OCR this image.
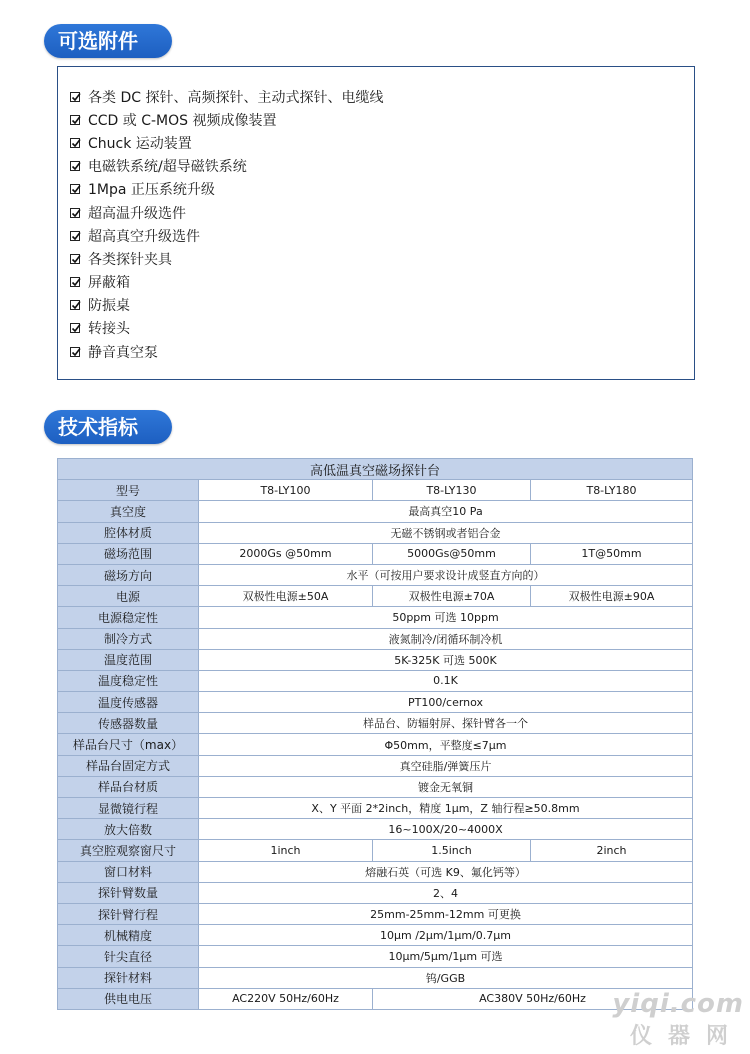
可选附件
各类 DC 探针、高频探针、主动式探针、电缆线
CCD 或 C-MOS 视频成像装置
Chuck 运动装置
电磁铁系统/超导磁铁系统
1Mpa 正压系统升级
超高温升级选件
超高真空升级选件
各类探针夹具
屏蔽箱
防振桌
转接头
静音真空泵
技术指标
高低温真空磁场探针台			
型号	T8-LY100	T8-LY130	T8-LY180
真空度	最高真空10 Pa		
腔体材质	无磁不锈钢或者铝合金		
磁场范围	2000Gs @50mm	5000Gs@50mm	1T@50mm
磁场方向	水平（可按用户要求设计成竖直方向的）		
电源	双极性电源±50A	双极性电源±70A	双极性电源±90A
电源稳定性	50ppm 可选 10ppm		
制冷方式	液氮制冷/闭循环制冷机		
温度范围	5K-325K 可选 500K		
温度稳定性	0.1K		
温度传感器	PT100/cernox		
传感器数量	样品台、防辐射屏、探针臂各一个		
样品台尺寸（max）	Φ50mm，平整度≤7μm		
样品台固定方式	真空硅脂/弹簧压片		
样品台材质	镀金无氧铜		
显微镜行程	X、Y 平面 2*2inch，精度 1μm，Z 轴行程≥50.8mm		
放大倍数	16~100X/20~4000X		
真空腔观察窗尺寸	1inch	1.5inch	2inch
窗口材料	熔融石英（可选 K9、氟化钙等）		
探针臂数量	2、4		
探针臂行程	25mm-25mm-12mm 可更换		
机械精度	10μm /2μm/1μm/0.7μm		
针尖直径	10μm/5μm/1μm 可选		
探针材料	钨/GGB		
供电电压	AC220V 50Hz/60Hz	AC380V 50Hz/60Hz	yiqi.com
仪器网
